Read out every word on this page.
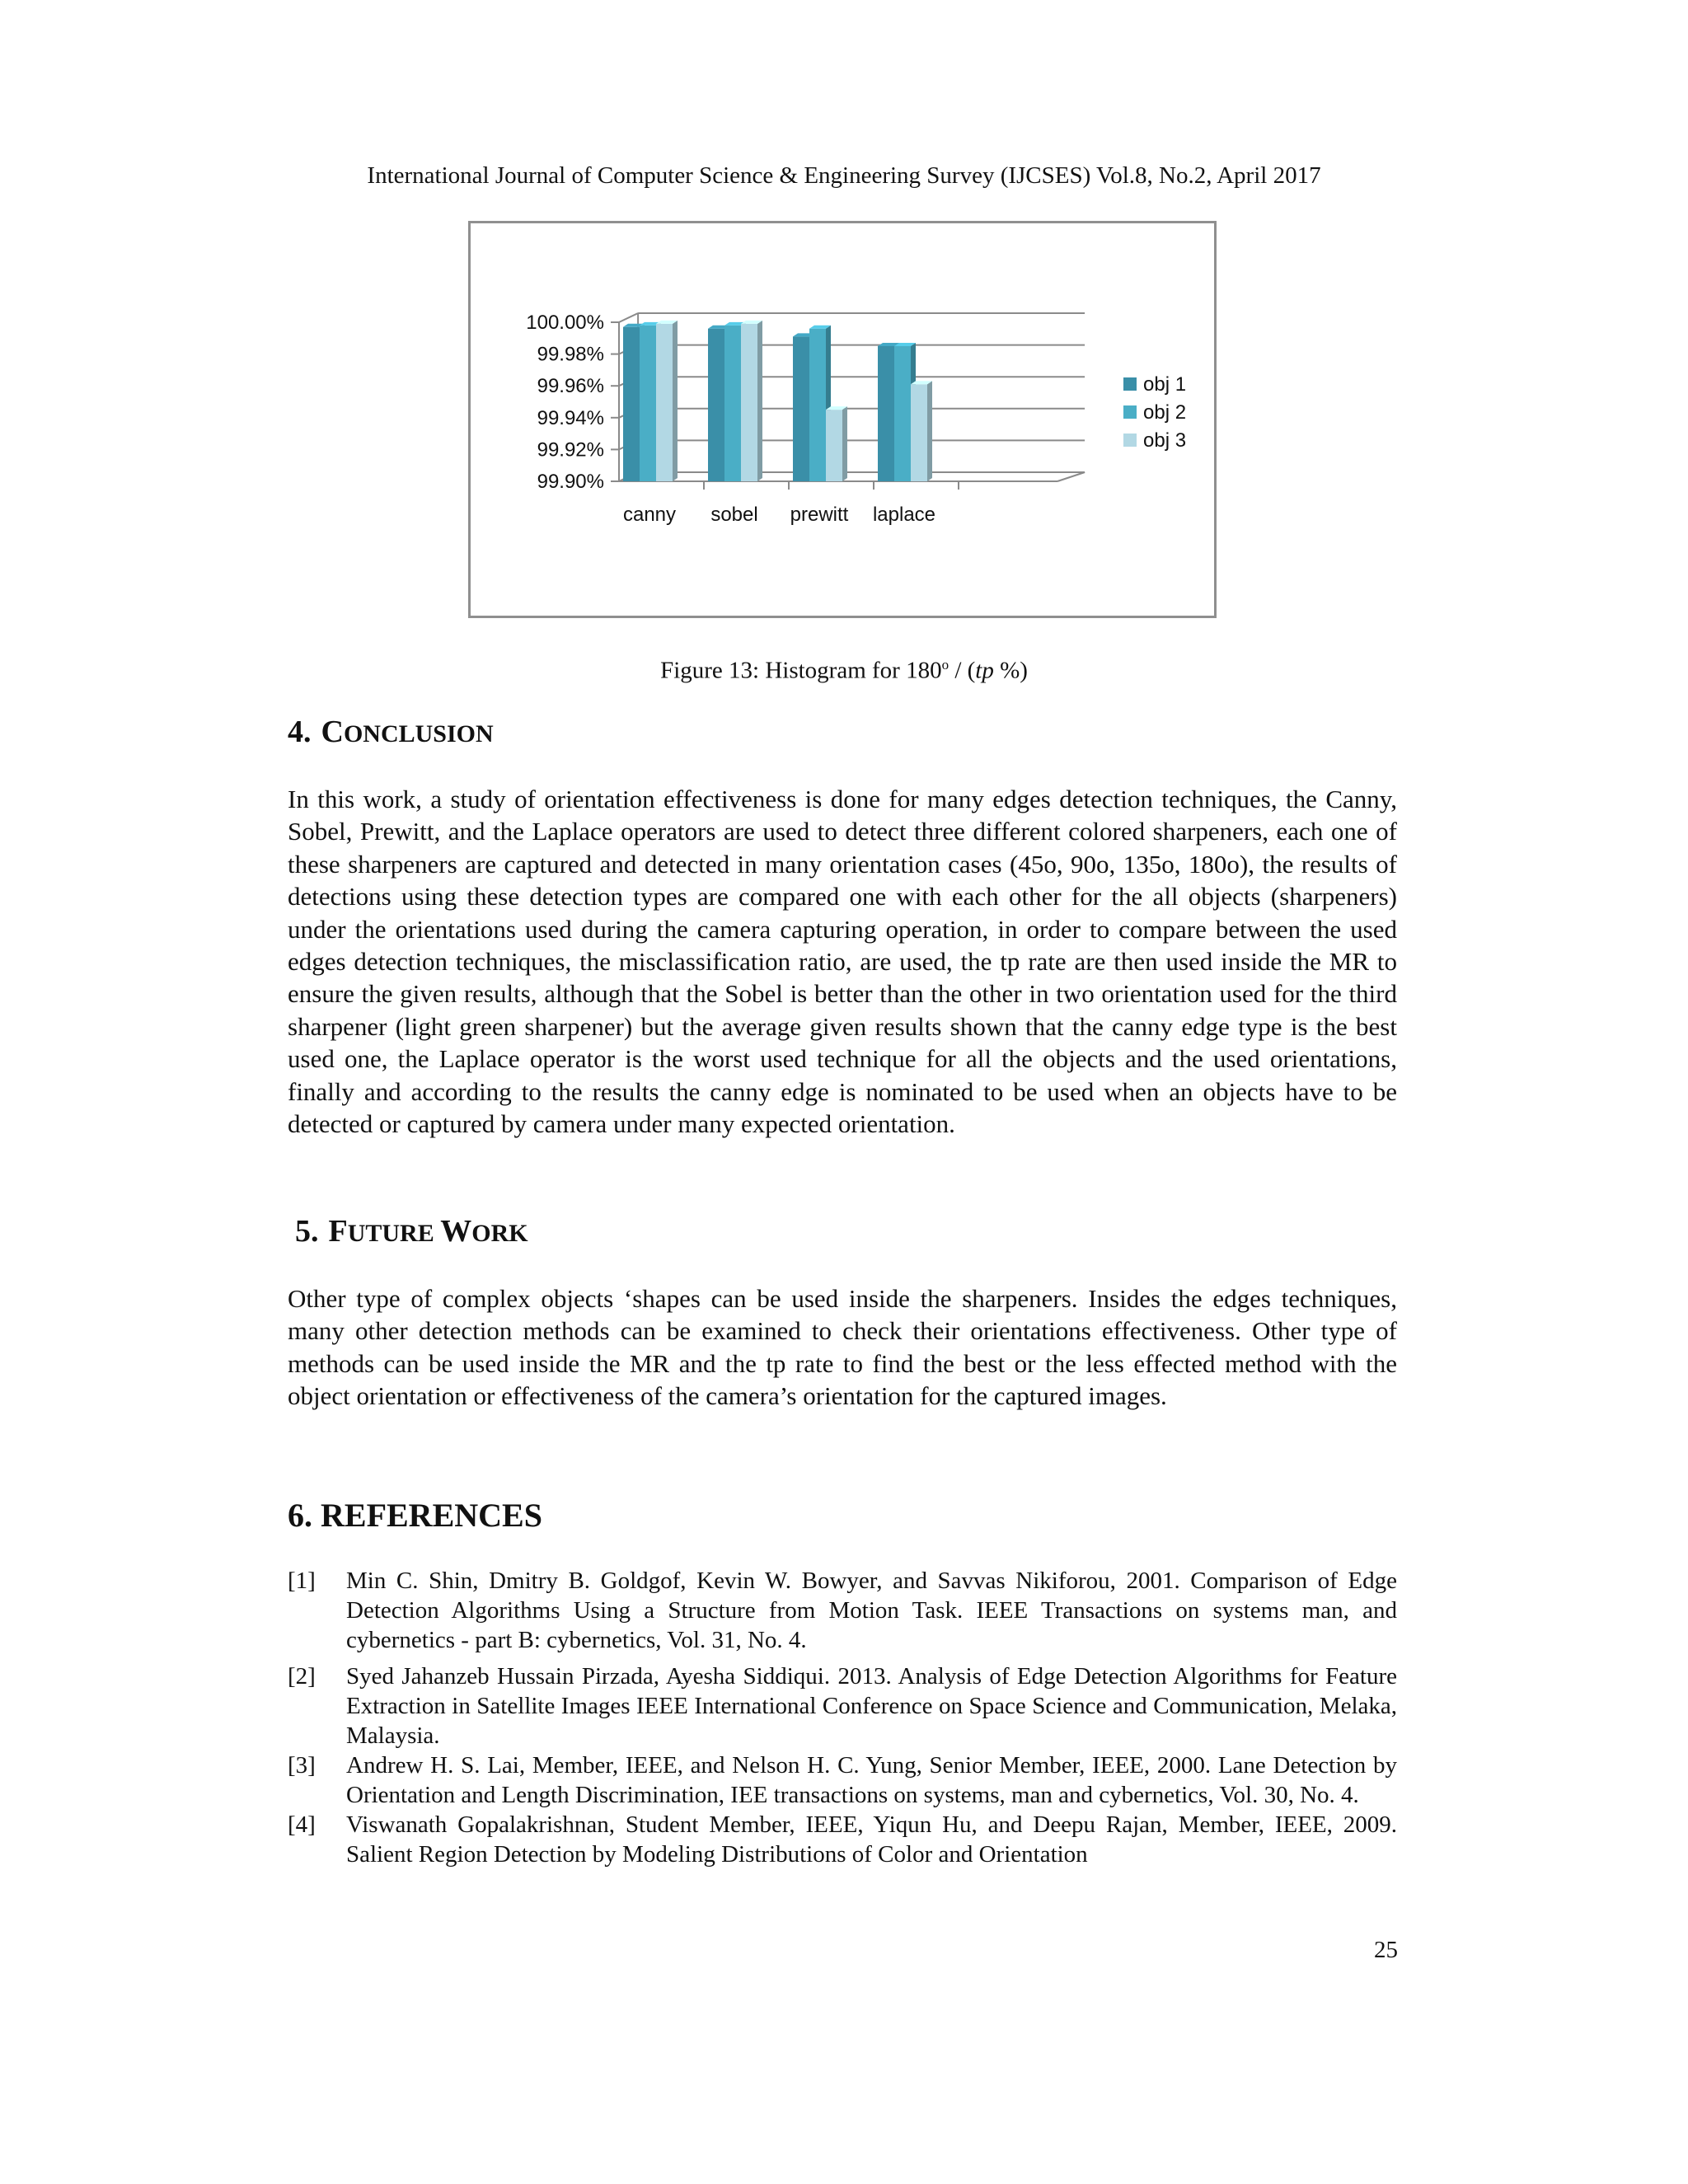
International Journal of Computer Science & Engineering Survey (IJCSES) Vol.8, No.2, April 2017
100.00%
99.98%
99.96%
99.94%
99.92%
99.90%
canny sobel prewitt laplace
obj 1
obj 2
obj 3
Figure 13: Histogram for 180$^o$ / (tp %)
4. CONCLUSION

In this work, a study of orientation effectiveness is done for many edges detection techniques, the Canny, Sobel, Prewitt, and the Laplace operators are used to detect three different colored sharpeners, each one of these sharpeners are captured and detected in many orientation cases (45o, 90o, 135o, 180o), the results of detections using these detection types are compared one with each other for the all objects (sharpeners) under the orientations used during the camera capturing operation, in order to compare between the used edges detection techniques, the misclassification ratio, are used, the tp rate are then used inside the MR to ensure the given results, although that the Sobel is better than the other in two orientation used for the third sharpener (light green sharpener) but the average given results shown that the canny edge type is the best used one, the Laplace operator is the worst used technique for all the objects and the used orientations, finally and according to the results the canny edge is nominated to be used when an objects have to be detected or captured by camera under many expected orientation.

5. FUTURE WORK

Other type of complex objects ‘shapes can be used inside the sharpeners. Insides the edges techniques, many other detection methods can be examined to check their orientations effectiveness. Other type of methods can be used inside the MR and the tp rate to find the best or the less effected method with the object orientation or effectiveness of the camera’s orientation for the captured images.

6. REFERENCES
[1] Min C. Shin, Dmitry B. Goldgof, Kevin W. Bowyer, and Savvas Nikiforou, 2001. Comparison of Edge Detection Algorithms Using a Structure from Motion Task. IEEE Transactions on systems man, and cybernetics - part B: cybernetics, Vol. 31, No. 4.
[2] Syed Jahanzeb Hussain Pirzada, Ayesha Siddiqui. 2013. Analysis of Edge Detection Algorithms for Feature Extraction in Satellite Images IEEE International Conference on Space Science and Communication, Melaka, Malaysia.
[3] Andrew H. S. Lai, Member, IEEE, and Nelson H. C. Yung, Senior Member, IEEE, 2000. Lane Detection by Orientation and Length Discrimination, IEE transactions on systems, man and cybernetics, Vol. 30, No. 4.
[4] Viswanath Gopalakrishnan, Student Member, IEEE, Yiqun Hu, and Deepu Rajan, Member, IEEE, 2009. Salient Region Detection by Modeling Distributions of Color and Orientation
25
